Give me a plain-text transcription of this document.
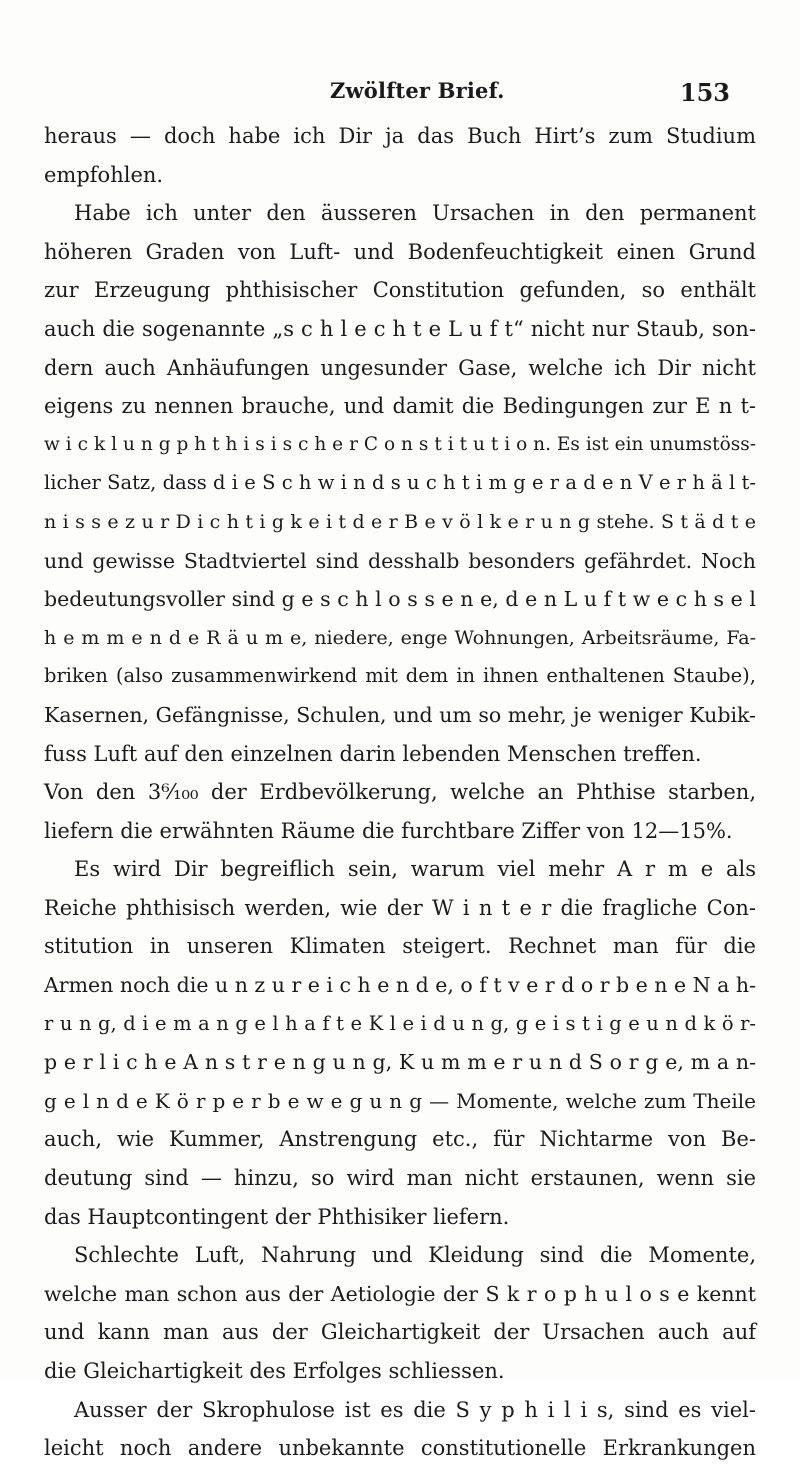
Zwölfter Brief.	153
heraus — doch habe ich Dir ja das Buch Hirt’s zum Studium
empfohlen.
Habe ich unter den äusseren Ursachen in den permanent
höheren Graden von Luft- und Bodenfeuchtigkeit einen Grund
zur Erzeugung phthisischer Constitution gefunden, so enthält
auch die sogenannte „s c h l e c h t e L u f t“ nicht nur Staub, son-
dern auch Anhäufungen ungesunder Gase, welche ich Dir nicht
eigens zu nennen brauche, und damit die Bedingungen zur E n t-
w i c k l u n g p h t h i s i s c h e r C o n s t i t u t i o n. Es ist ein unumstöss-
licher Satz, dass d i e S c h w i n d s u c h t i m g e r a d e n V e r h ä l t-
n i s s e z u r D i c h t i g k e i t d e r B e v ö l k e r u n g stehe. S t ä d t e
und gewisse Stadtviertel sind desshalb besonders gefährdet. Noch
bedeutungsvoller sind g e s c h l o s s e n e, d e n L u f t w e c h s e l
h e m m e n d e R ä u m e, niedere, enge Wohnungen, Arbeitsräume, Fa-
briken (also zusammenwirkend mit dem in ihnen enthaltenen Staube),
Kasernen, Gefängnisse, Schulen, und um so mehr, je weniger Kubik-
fuss Luft auf den einzelnen darin lebenden Menschen treffen.
Von den 3⁶⁄₁₀₀ der Erdbevölkerung, welche an Phthise starben,
liefern die erwähnten Räume die furchtbare Ziffer von 12—15%.
Es wird Dir begreiflich sein, warum viel mehr A r m e als
Reiche phthisisch werden, wie der W i n t e r die fragliche Con-
stitution in unseren Klimaten steigert. Rechnet man für die
Armen noch die u n z u r e i c h e n d e, o f t v e r d o r b e n e N a h-
r u n g, d i e m a n g e l h a f t e K l e i d u n g, g e i s t i g e u n d k ö r-
p e r l i c h e A n s t r e n g u n g, K u m m e r u n d S o r g e, m a n-
g e l n d e K ö r p e r b e w e g u n g — Momente, welche zum Theile
auch, wie Kummer, Anstrengung etc., für Nichtarme von Be-
deutung sind — hinzu, so wird man nicht erstaunen, wenn sie
das Hauptcontingent der Phthisiker liefern.
Schlechte Luft, Nahrung und Kleidung sind die Momente,
welche man schon aus der Aetiologie der S k r o p h u l o s e kennt
und kann man aus der Gleichartigkeit der Ursachen auch auf
die Gleichartigkeit des Erfolges schliessen.
Ausser der Skrophulose ist es die S y p h i l i s, sind es viel-
leicht noch andere unbekannte constitutionelle Erkrankungen
